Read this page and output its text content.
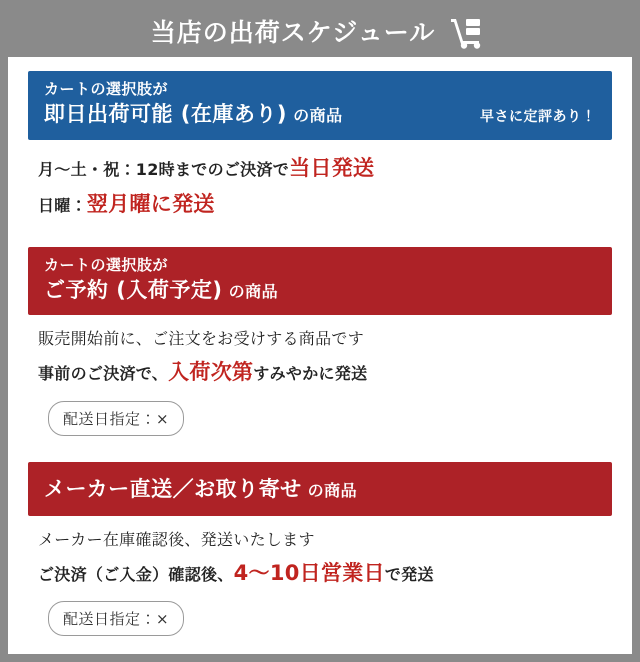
当店の出荷スケジュール
カートの選択肢が
即日出荷可能 (在庫あり) の商品	早さに定評あり！
月〜土・祝：12時までのご決済で当日発送
日曜：翌月曜に発送
カートの選択肢が
ご予約 (入荷予定) の商品
販売開始前に、ご注文をお受けする商品です
事前のご決済で、入荷次第すみやかに発送
配送日指定：×
メーカー直送／お取り寄せ の商品
メーカー在庫確認後、発送いたします
ご決済（ご入金）確認後、4〜10日営業日で発送
配送日指定：×
